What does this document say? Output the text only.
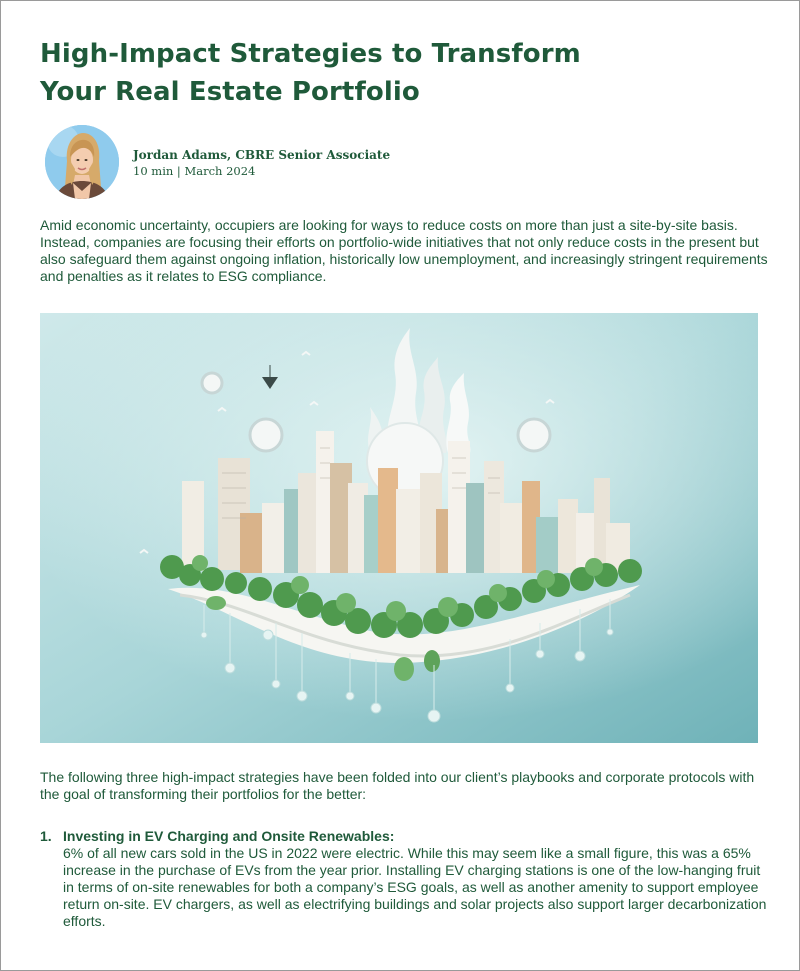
High-Impact Strategies to Transform
Your Real Estate Portfolio
Jordan Adams, CBRE Senior Associate
10 min | March 2024

Amid economic uncertainty, occupiers are looking for ways to reduce costs on more than just a site-by-site basis. Instead, companies are focusing their efforts on portfolio-wide initiatives that not only reduce costs in the present but also safeguard them against ongoing inflation, historically low unemployment, and increasingly stringent requirements and penalties as it relates to ESG compliance.

The following three high-impact strategies have been folded into our client’s playbooks and corporate protocols with the goal of transforming their portfolios for the better:

1. Investing in EV Charging and Onsite Renewables:

6% of all new cars sold in the US in 2022 were electric. While this may seem like a small figure, this was a 65% increase in the purchase of EVs from the year prior. Installing EV charging stations is one of the low-hanging fruit in terms of on-site renewables for both a company’s ESG goals, as well as another amenity to support employee return on-site. EV chargers, as well as electrifying buildings and solar projects also support larger decarbonization efforts.
